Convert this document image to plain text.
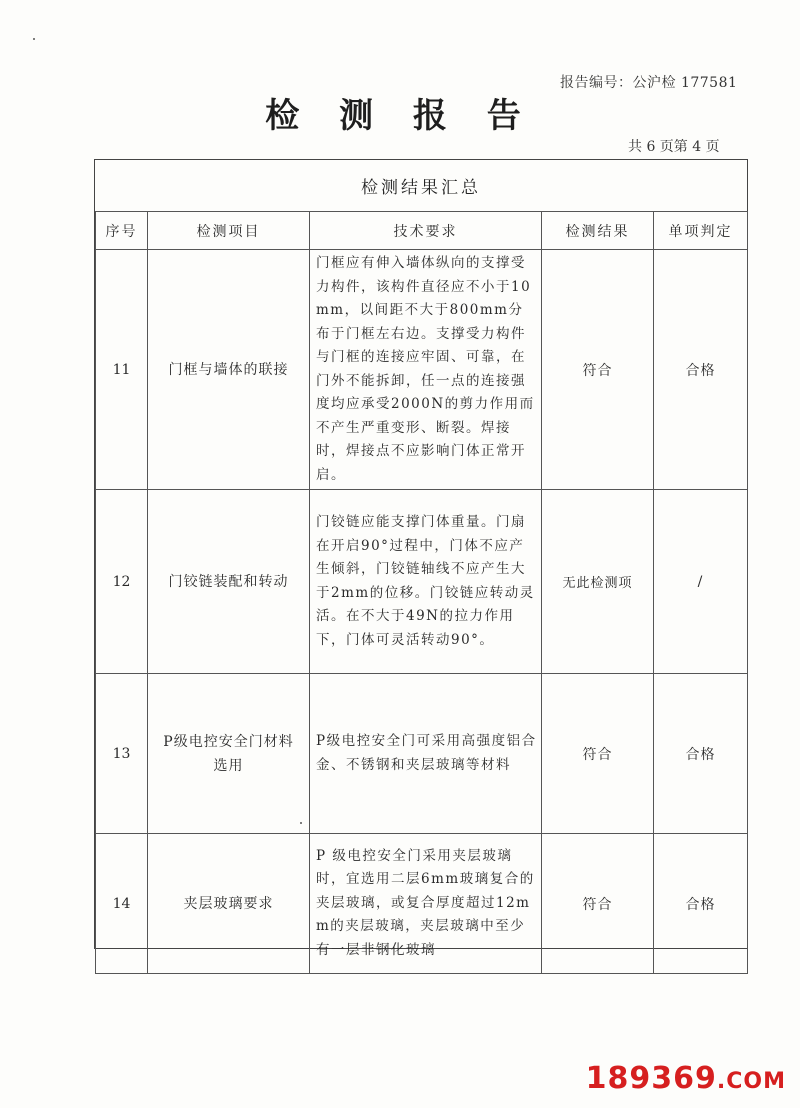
报告编号：公沪检 177581
检 测 报 告
共 6 页第 4 页
检测结果汇总
序号	检测项目	技术要求	检测结果	单项判定
11	门框与墙体的联接	门框应有伸入墙体纵向的支撑受力构件，该构件直径应不小于10mm，以间距不大于800mm分布于门框左右边。支撑受力构件与门框的连接应牢固、可靠，在门外不能拆卸，任一点的连接强度均应承受2000N的剪力作用而不产生严重变形、断裂。焊接时，焊接点不应影响门体正常开启。	符合	合格
12	门铰链装配和转动	门铰链应能支撑门体重量。门扇在开启90°过程中，门体不应产生倾斜，门铰链轴线不应产生大于2mm的位移。门铰链应转动灵活。在不大于49N的拉力作用下，门体可灵活转动90°。	无此检测项	/
13	P级电控安全门材料选用	P级电控安全门可采用高强度铝合金、不锈钢和夹层玻璃等材料	符合	合格
14	夹层玻璃要求	P 级电控安全门采用夹层玻璃时，宜选用二层6mm玻璃复合的夹层玻璃，或复合厚度超过12mm的夹层玻璃，夹层玻璃中至少有一层非钢化玻璃	符合	合格
189369.COM
